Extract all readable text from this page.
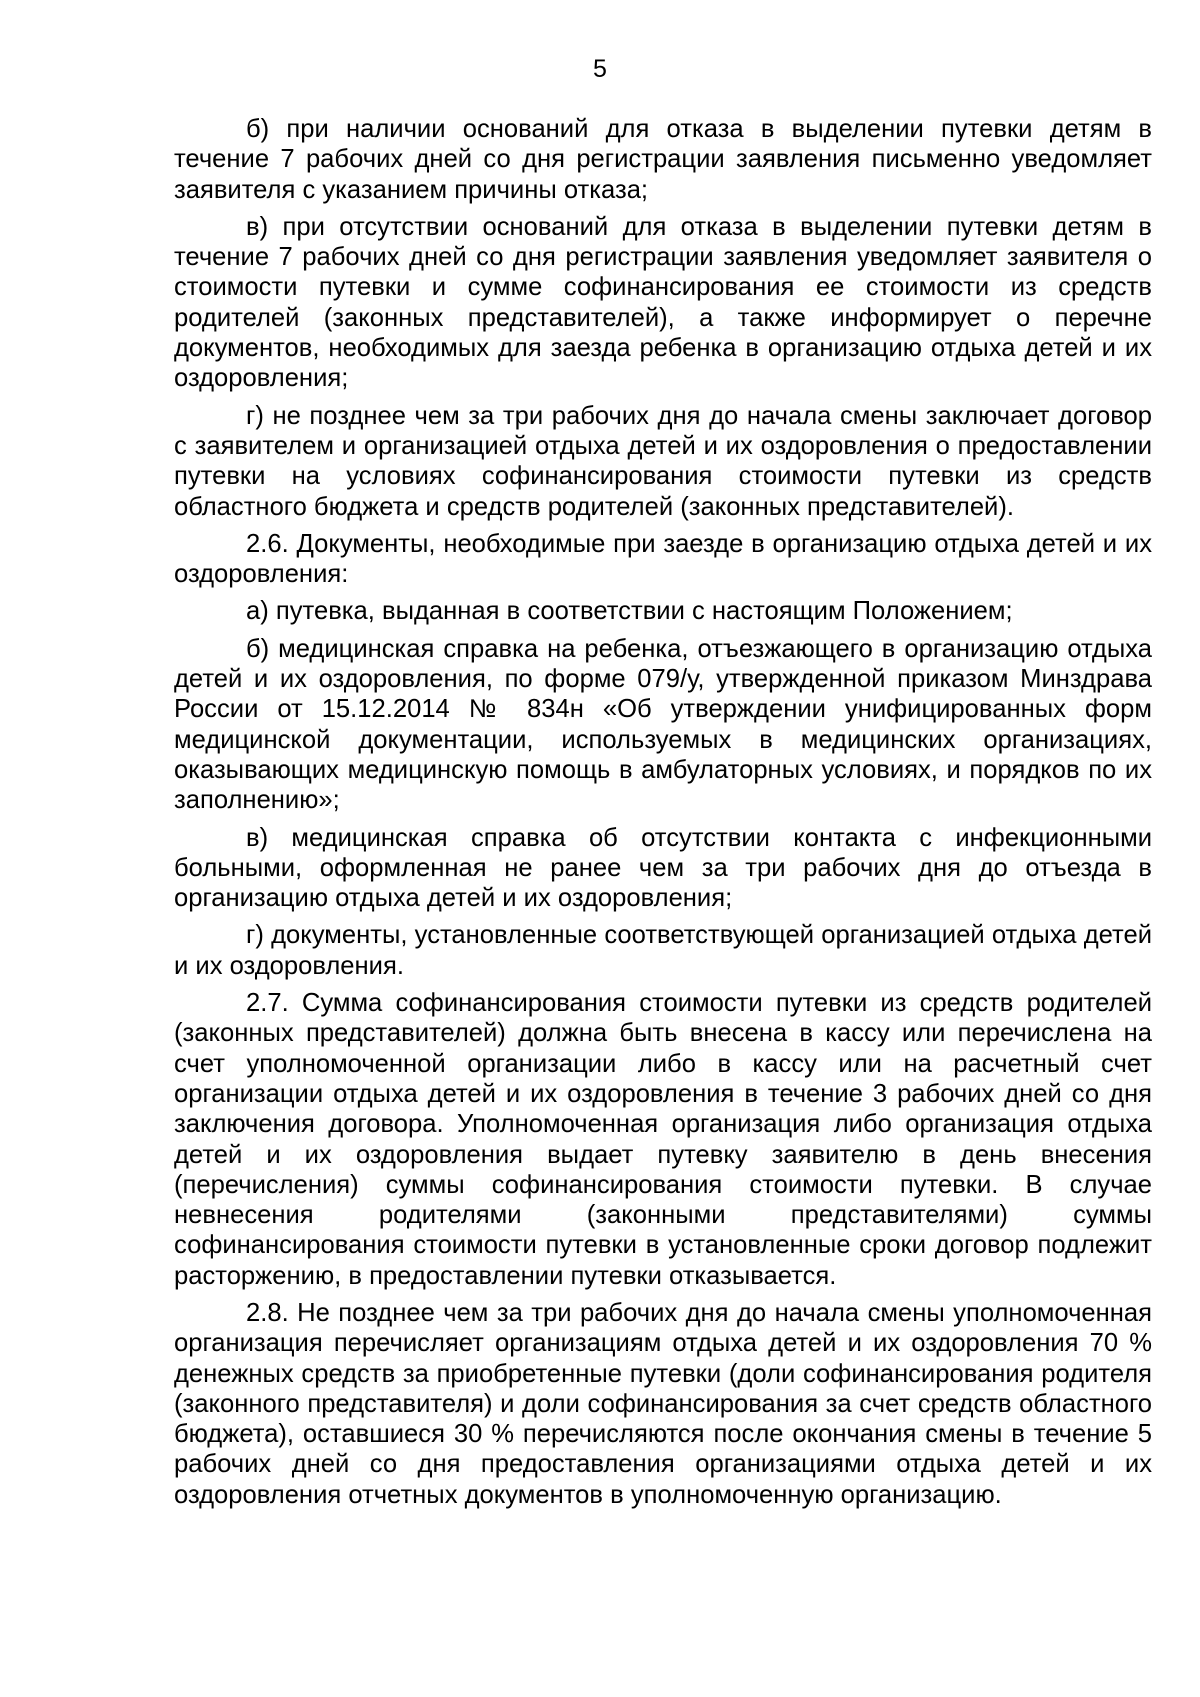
5

б) при наличии оснований для отказа в выделении путевки детям в течение 7 рабочих дней со дня регистрации заявления письменно уведомляет заявителя с указанием причины отказа;

в) при отсутствии оснований для отказа в выделении путевки детям в течение 7 рабочих дней со дня регистрации заявления уведомляет заявителя о стоимости путевки и сумме софинансирования ее стоимости из средств родителей (законных представителей), а также информирует о перечне документов, необходимых для заезда ребенка в организацию отдыха детей и их оздоровления;

г) не позднее чем за три рабочих дня до начала смены заключает договор с заявителем и организацией отдыха детей и их оздоровления о предоставлении путевки на условиях софинансирования стоимости путевки из средств областного бюджета и средств родителей (законных представителей).

2.6. Документы, необходимые при заезде в организацию отдыха детей и их оздоровления:

а) путевка, выданная в соответствии с настоящим Положением;

б) медицинская справка на ребенка, отъезжающего в организацию отдыха детей и их оздоровления, по форме 079/у, утвержденной приказом Минздрава России от 15.12.2014 № 834н «Об утверждении унифицированных форм медицинской документации, используемых в медицинских организациях, оказывающих медицинскую помощь в амбулаторных условиях, и порядков по их заполнению»;

в) медицинская справка об отсутствии контакта с инфекционными больными, оформленная не ранее чем за три рабочих дня до отъезда в организацию отдыха детей и их оздоровления;

г) документы, установленные соответствующей организацией отдыха детей и их оздоровления.

2.7. Сумма софинансирования стоимости путевки из средств родителей (законных представителей) должна быть внесена в кассу или перечислена на счет уполномоченной организации либо в кассу или на расчетный счет организации отдыха детей и их оздоровления в течение 3 рабочих дней со дня заключения договора. Уполномоченная организация либо организация отдыха детей и их оздоровления выдает путевку заявителю в день внесения (перечисления) суммы софинансирования стоимости путевки. В случае невнесения родителями (законными представителями) суммы софинансирования стоимости путевки в установленные сроки договор подлежит расторжению, в предоставлении путевки отказывается.

2.8. Не позднее чем за три рабочих дня до начала смены уполномоченная организация перечисляет организациям отдыха детей и их оздоровления 70 % денежных средств за приобретенные путевки (доли софинансирования родителя (законного представителя) и доли софинансирования за счет средств областного бюджета), оставшиеся 30 % перечисляются после окончания смены в течение 5 рабочих дней со дня предоставления организациями отдыха детей и их оздоровления отчетных документов в уполномоченную организацию.
